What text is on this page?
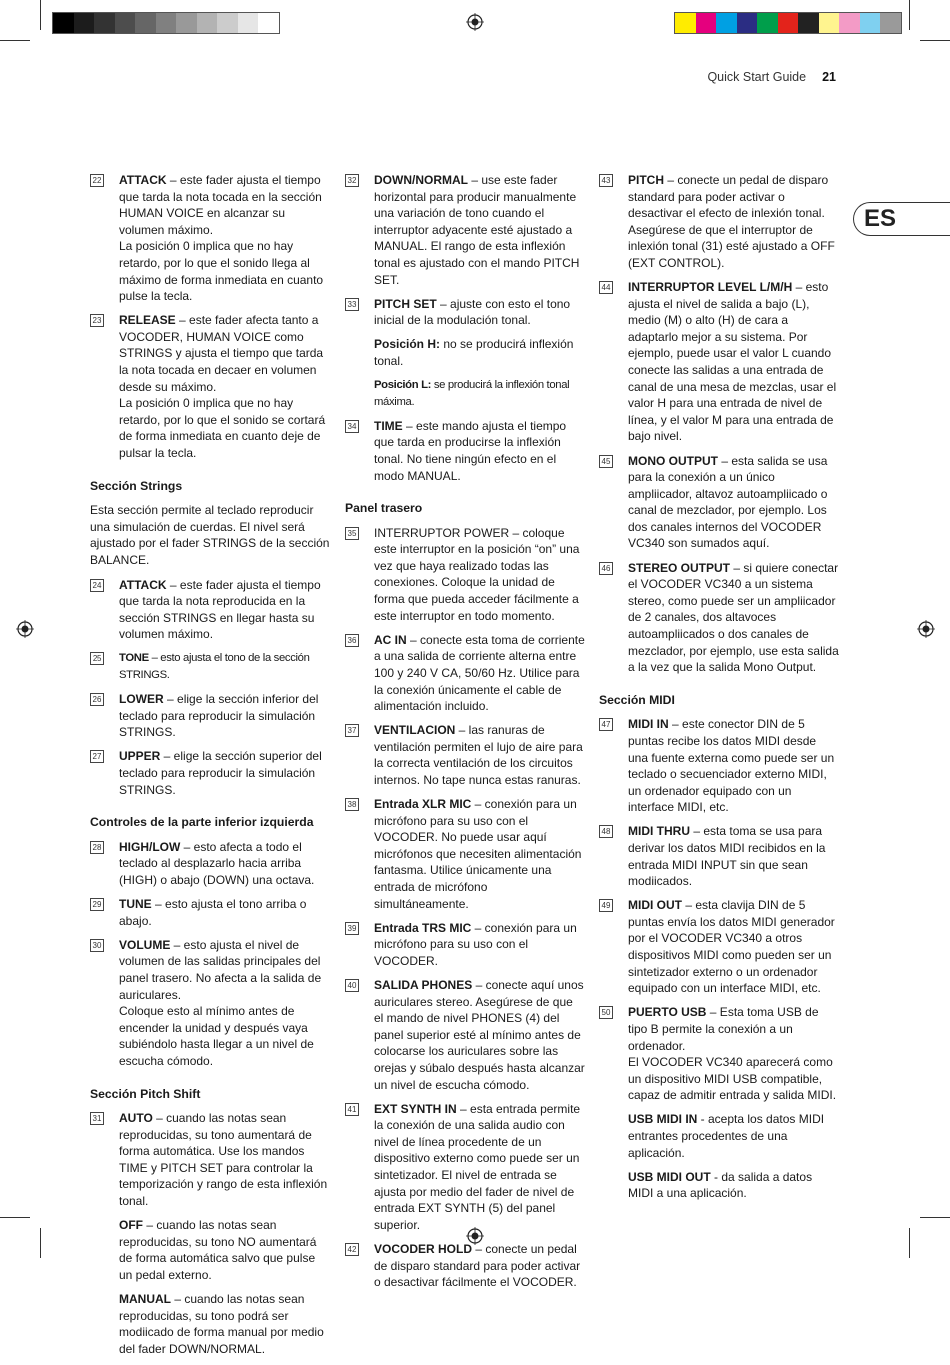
Quick Start Guide 21
ES
22 ATTACK – este fader ajusta el tiempo que tarda la nota tocada en la sección HUMAN VOICE en alcanzar su volumen máximo.
La posición 0 implica que no hay retardo, por lo que el sonido llega al máximo de forma inmediata en cuanto pulse la tecla.
23 RELEASE – este fader afecta tanto a VOCODER, HUMAN VOICE como STRINGS y ajusta el tiempo que tarda la nota tocada en decaer en volumen desde su máximo.
La posición 0 implica que no hay retardo, por lo que el sonido se cortará de forma inmediata en cuanto deje de pulsar la tecla.
Sección Strings

Esta sección permite al teclado reproducir una simulación de cuerdas. El nivel será ajustado por el fader STRINGS de la sección BALANCE.

24 ATTACK – este fader ajusta el tiempo que tarda la nota reproducida en la sección STRINGS en llegar hasta su volumen máximo.
25 TONE – esto ajusta el tono de la sección STRINGS.
26 LOWER – elige la sección inferior del teclado para reproducir la simulación STRINGS.
27 UPPER – elige la sección superior del teclado para reproducir la simulación STRINGS.
Controles de la parte inferior izquierda
28 HIGH/LOW – esto afecta a todo el teclado al desplazarlo hacia arriba (HIGH) o abajo (DOWN) una octava.
29 TUNE – esto ajusta el tono arriba o abajo.
30 VOLUME – esto ajusta el nivel de volumen de las salidas principales del panel trasero. No afecta a la salida de auriculares.
Coloque esto al mínimo antes de encender la unidad y después vaya subiéndolo hasta llegar a un nivel de escucha cómodo.
Sección Pitch Shift
31 AUTO – cuando las notas sean reproducidas, su tono aumentará de forma automática. Use los mandos TIME y PITCH SET para controlar la temporización y rango de esta inflexión tonal.

OFF – cuando las notas sean reproducidas, su tono NO aumentará de forma automática salvo que pulse un pedal externo.

MANUAL – cuando las notas sean reproducidas, su tono podrá ser modiicado de forma manual por medio del fader DOWN/NORMAL.

32 DOWN/NORMAL – use este fader horizontal para producir manualmente una variación de tono cuando el interruptor adyacente esté ajustado a MANUAL. El rango de esta inflexión tonal es ajustado con el mando PITCH SET.
33 PITCH SET – ajuste con esto el tono inicial de la modulación tonal.

Posición H: no se producirá inflexión tonal.

Posición L: se producirá la inflexión tonal máxima.

34 TIME – este mando ajusta el tiempo que tarda en producirse la inflexión tonal. No tiene ningún efecto en el modo MANUAL.
Panel trasero
35 INTERRUPTOR POWER – coloque este interruptor en la posición “on” una vez que haya realizado todas las conexiones. Coloque la unidad de forma que pueda acceder fácilmente a este interruptor en todo momento.
36 AC IN – conecte esta toma de corriente a una salida de corriente alterna entre 100 y 240 V CA, 50/60 Hz. Utilice para la conexión únicamente el cable de alimentación incluido.
37 VENTILACION – las ranuras de ventilación permiten el lujo de aire para la correcta ventilación de los circuitos internos. No tape nunca estas ranuras.
38 Entrada XLR MIC – conexión para un micrófono para su uso con el VOCODER. No puede usar aquí micrófonos que necesiten alimentación fantasma. Utilice únicamente una entrada de micrófono simultáneamente.
39 Entrada TRS MIC – conexión para un micrófono para su uso con el VOCODER.
40 SALIDA PHONES – conecte aquí unos auriculares stereo. Asegúrese de que el mando de nivel PHONES (4) del panel superior esté al mínimo antes de colocarse los auriculares sobre las orejas y súbalo después hasta alcanzar un nivel de escucha cómodo.
41 EXT SYNTH IN – esta entrada permite la conexión de una salida audio con nivel de línea procedente de un dispositivo externo como puede ser un sintetizador. El nivel de entrada se ajusta por medio del fader de nivel de entrada EXT SYNTH (5) del panel superior.
42 VOCODER HOLD – conecte un pedal de disparo standard para poder activar o desactivar fácilmente el VOCODER.
43 PITCH – conecte un pedal de disparo standard para poder activar o desactivar el efecto de inlexión tonal. Asegúrese de que el interruptor de inlexión tonal (31) esté ajustado a OFF (EXT CONTROL).
44 INTERRUPTOR LEVEL L/M/H – esto ajusta el nivel de salida a bajo (L), medio (M) o alto (H) de cara a adaptarlo mejor a su sistema. Por ejemplo, puede usar el valor L cuando conecte las salidas a una entrada de canal de una mesa de mezclas, usar el valor H para una entrada de nivel de línea, y el valor M para una entrada de bajo nivel.
45 MONO OUTPUT – esta salida se usa para la conexión a un único ampliicador, altavoz autoampliicado o canal de mezclador, por ejemplo. Los dos canales internos del VOCODER VC340 son sumados aquí.
46 STEREO OUTPUT – si quiere conectar el VOCODER VC340 a un sistema stereo, como puede ser un ampliicador de 2 canales, dos altavoces autoampliicados o dos canales de mezclador, por ejemplo, use esta salida a la vez que la salida Mono Output.
Sección MIDI
47 MIDI IN – este conector DIN de 5 puntas recibe los datos MIDI desde una fuente externa como puede ser un teclado o secuenciador externo MIDI, un ordenador equipado con un interface MIDI, etc.
48 MIDI THRU – esta toma se usa para derivar los datos MIDI recibidos en la entrada MIDI INPUT sin que sean modiicados.
49 MIDI OUT – esta clavija DIN de 5 puntas envía los datos MIDI generador por el VOCODER VC340 a otros dispositivos MIDI como pueden ser un sintetizador externo o un ordenador equipado con un interface MIDI, etc.
50 PUERTO USB – Esta toma USB de tipo B permite la conexión a un ordenador.
El VOCODER VC340 aparecerá como un dispositivo MIDI USB compatible, capaz de admitir entrada y salida MIDI.

USB MIDI IN - acepta los datos MIDI entrantes procedentes de una aplicación.

USB MIDI OUT - da salida a datos MIDI a una aplicación.
